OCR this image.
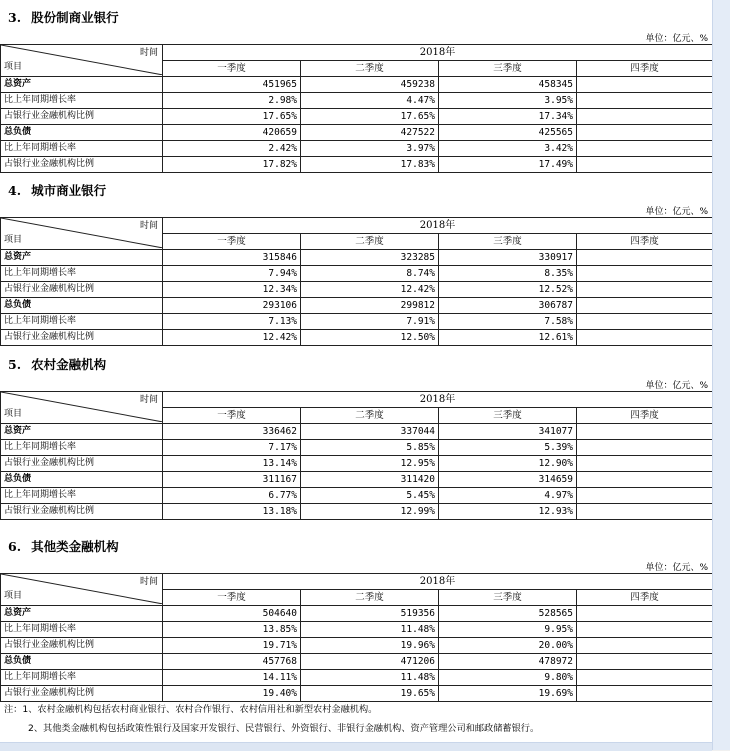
3. 股份制商业银行
单位：亿元、%
时间
项目	2018年			
	一季度	二季度	三季度	四季度
总资产	451965	459238	458345	
比上年同期增长率	2.98%	4.47%	3.95%	
占银行业金融机构比例	17.65%	17.65%	17.34%	
总负债	420659	427522	425565	
比上年同期增长率	2.42%	3.97%	3.42%	
占银行业金融机构比例	17.82%	17.83%	17.49%	
4. 城市商业银行
单位：亿元、%
时间
项目	2018年			
	一季度	二季度	三季度	四季度
总资产	315846	323285	330917	
比上年同期增长率	7.94%	8.74%	8.35%	
占银行业金融机构比例	12.34%	12.42%	12.52%	
总负债	293106	299812	306787	
比上年同期增长率	7.13%	7.91%	7.58%	
占银行业金融机构比例	12.42%	12.50%	12.61%	
5. 农村金融机构
单位：亿元、%
时间
项目	2018年			
	一季度	二季度	三季度	四季度
总资产	336462	337044	341077	
比上年同期增长率	7.17%	5.85%	5.39%	
占银行业金融机构比例	13.14%	12.95%	12.90%	
总负债	311167	311420	314659	
比上年同期增长率	6.77%	5.45%	4.97%	
占银行业金融机构比例	13.18%	12.99%	12.93%	
6. 其他类金融机构
单位：亿元、%
时间
项目	2018年			
	一季度	二季度	三季度	四季度
总资产	504640	519356	528565	
比上年同期增长率	13.85%	11.48%	9.95%	
占银行业金融机构比例	19.71%	19.96%	20.00%	
总负债	457768	471206	478972	
比上年同期增长率	14.11%	11.48%	9.80%	
占银行业金融机构比例	19.40%	19.65%	19.69%	
注：1、农村金融机构包括农村商业银行、农村合作银行、农村信用社和新型农村金融机构。
2、其他类金融机构包括政策性银行及国家开发银行、民营银行、外资银行、非银行金融机构、资产管理公司和邮政储蓄银行。
